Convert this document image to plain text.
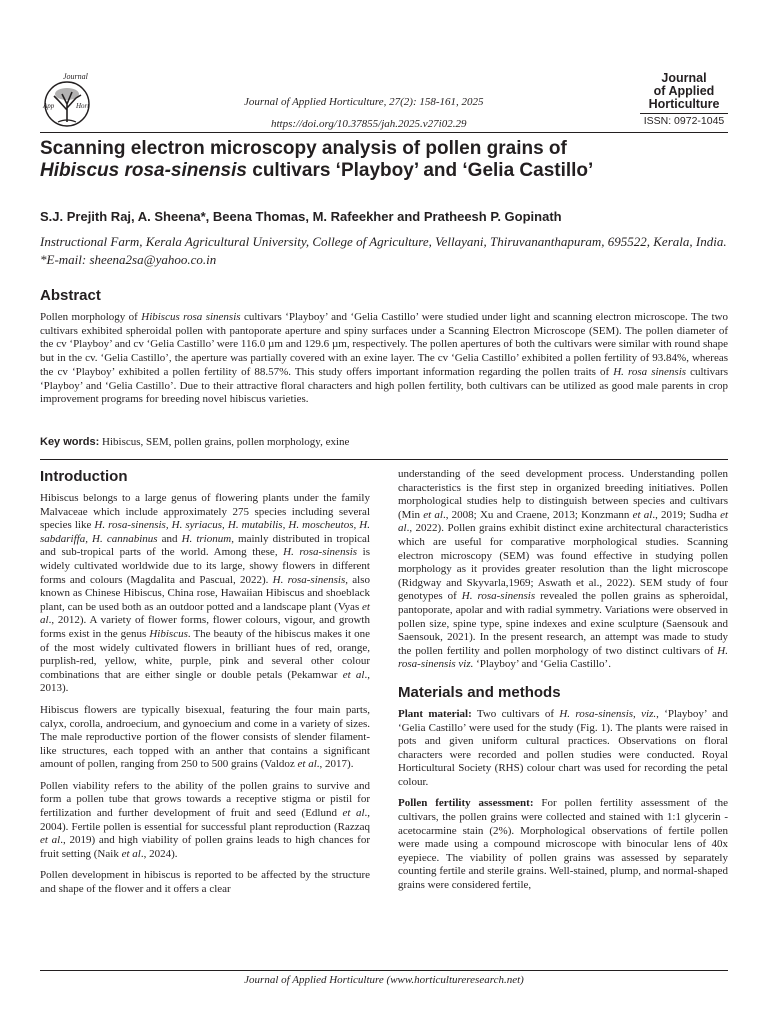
Journal
App	Hort	Journal of Applied Horticulture, 27(2): 158-161, 2025
https://doi.org/10.37855/jah.2025.v27i02.29
Journal
of Applied
Horticulture
ISSN: 0972-1045
Scanning electron microscopy analysis of pollen grains of
Hibiscus rosa-sinensis cultivars ‘Playboy’ and ‘Gelia Castillo’
S.J. Prejith Raj, A. Sheena*, Beena Thomas, M. Rafeekher and Pratheesh P. Gopinath
Instructional Farm, Kerala Agricultural University, College of Agriculture, Vellayani, Thiruvananthapuram, 695522, Kerala, India. *E-mail: sheena2sa@yahoo.co.in
Abstract

Pollen morphology of Hibiscus rosa sinensis cultivars ‘Playboy’ and ‘Gelia Castillo’ were studied under light and scanning electron microscope. The two cultivars exhibited spheroidal pollen with pantoporate aperture and spiny surfaces under a Scanning Electron Microscope (SEM). The pollen diameter of the cv ‘Playboy’ and cv ‘Gelia Castillo’ were 116.0 µm and 129.6 µm, respectively. The pollen apertures of both the cultivars were similar with round shape but in the cv. ‘Gelia Castillo’, the aperture was partially covered with an exine layer. The cv ‘Gelia Castillo’ exhibited a pollen fertility of 93.84%, whereas the cv ‘Playboy’ exhibited a pollen fertility of 88.57%. This study offers important information regarding the pollen traits of H. rosa sinensis cultivars ‘Playboy’ and ‘Gelia Castillo’. Due to their attractive floral characters and high pollen fertility, both cultivars can be utilized as good male parents in crop improvement programs for breeding novel hibiscus varieties.

Key words: Hibiscus, SEM, pollen grains, pollen morphology, exine
Introduction

Hibiscus belongs to a large genus of flowering plants under the family Malvaceae which include approximately 275 species including several species like H. rosa-sinensis, H. syriacus, H. mutabilis, H. moscheutos, H. sabdariffa, H. cannabinus and H. trionum, mainly distributed in tropical and sub-tropical parts of the world. Among these, H. rosa-sinensis is widely cultivated worldwide due to its large, showy flowers in different forms and colours (Magdalita and Pascual, 2022). H. rosa-sinensis, also known as Chinese Hibiscus, China rose, Hawaiian Hibiscus and shoeblack plant, can be used both as an outdoor potted and a landscape plant (Vyas et al., 2012). A variety of flower forms, flower colours, vigour, and growth forms exist in the genus Hibiscus. The beauty of the hibiscus makes it one of the most widely cultivated flowers in brilliant hues of red, orange, purplish-red, yellow, white, purple, pink and several other colour combinations that are either single or double petals (Pekamwar et al., 2013).

Hibiscus flowers are typically bisexual, featuring the four main parts, calyx, corolla, androecium, and gynoecium and come in a variety of sizes. The male reproductive portion of the flower consists of slender filament-like structures, each topped with an anther that contains a significant amount of pollen, ranging from 250 to 500 grains (Valdoz et al., 2017).

Pollen viability refers to the ability of the pollen grains to survive and form a pollen tube that grows towards a receptive stigma or pistil for fertilization and further development of fruit and seed (Edlund et al., 2004). Fertile pollen is essential for successful plant reproduction (Razzaq et al., 2019) and high viability of pollen grains leads to high chances for fruit setting (Naik et al., 2024).

Pollen development in hibiscus is reported to be affected by the structure and shape of the flower and it offers a clear

understanding of the seed development process. Understanding pollen characteristics is the first step in organized breeding initiatives. Pollen morphological studies help to distinguish between species and cultivars (Min et al., 2008; Xu and Craene, 2013; Konzmann et al., 2019; Sudha et al., 2022). Pollen grains exhibit distinct exine architectural characteristics which are useful for comparative morphological studies. Scanning electron microscopy (SEM) was found effective in studying pollen morphology as it provides greater resolution than the light microscope (Ridgway and Skyvarla,1969; Aswath et al., 2022). SEM study of four genotypes of H. rosa-sinensis revealed the pollen grains as spheroidal, pantoporate, apolar and with radial symmetry. Variations were observed in pollen size, spine type, spine indexes and exine sculpture (Saensouk and Saensouk, 2021). In the present research, an attempt was made to study the pollen fertility and pollen morphology of two distinct cultivars of H. rosa-sinensis viz. ‘Playboy’ and ‘Gelia Castillo’.

Materials and methods

Plant material: Two cultivars of H. rosa-sinensis, viz., ‘Playboy’ and ‘Gelia Castillo’ were used for the study (Fig. 1). The plants were raised in pots and given uniform cultural practices. Observations on floral characters were recorded and pollen studies were conducted. Royal Horticultural Society (RHS) colour chart was used for recording the petal colour.

Pollen fertility assessment: For pollen fertility assessment of the cultivars, the pollen grains were collected and stained with 1:1 glycerin - acetocarmine stain (2%). Morphological observations of fertile pollen were made using a compound microscope with binocular lens of 40x eyepiece. The viability of pollen grains was assessed by separately counting fertile and sterile grains. Well-stained, plump, and normal-shaped grains were considered fertile,

Journal of Applied Horticulture (www.horticultureresearch.net)
